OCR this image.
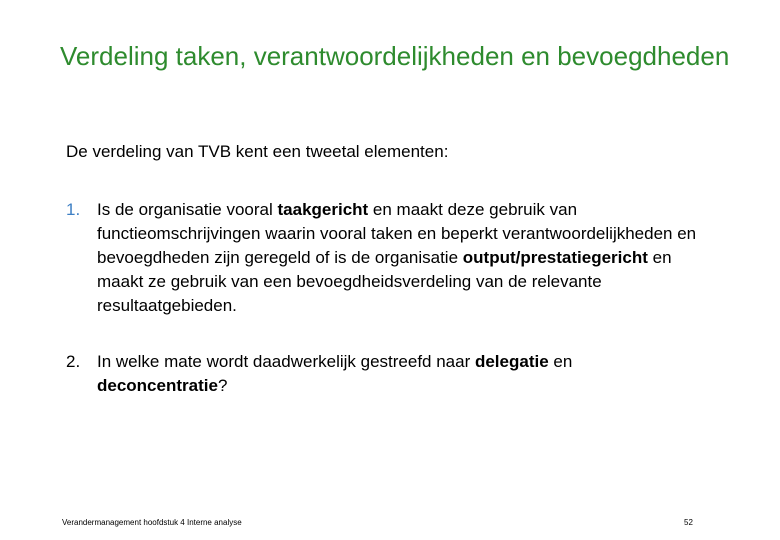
Verdeling taken, verantwoordelijkheden en bevoegdheden

De verdeling van TVB kent een tweetal elementen:

1. Is de organisatie vooral taakgericht en maakt deze gebruik van functieomschrijvingen waarin vooral taken en beperkt verantwoordelijkheden en bevoegdheden zijn geregeld of is de organisatie output/prestatiegericht en maakt ze gebruik van een bevoegdheidsverdeling van de relevante resultaatgebieden.
2. In welke mate wordt daadwerkelijk gestreefd naar delegatie en deconcentratie?
Verandermanagement hoofdstuk 4 Interne analyse	52
